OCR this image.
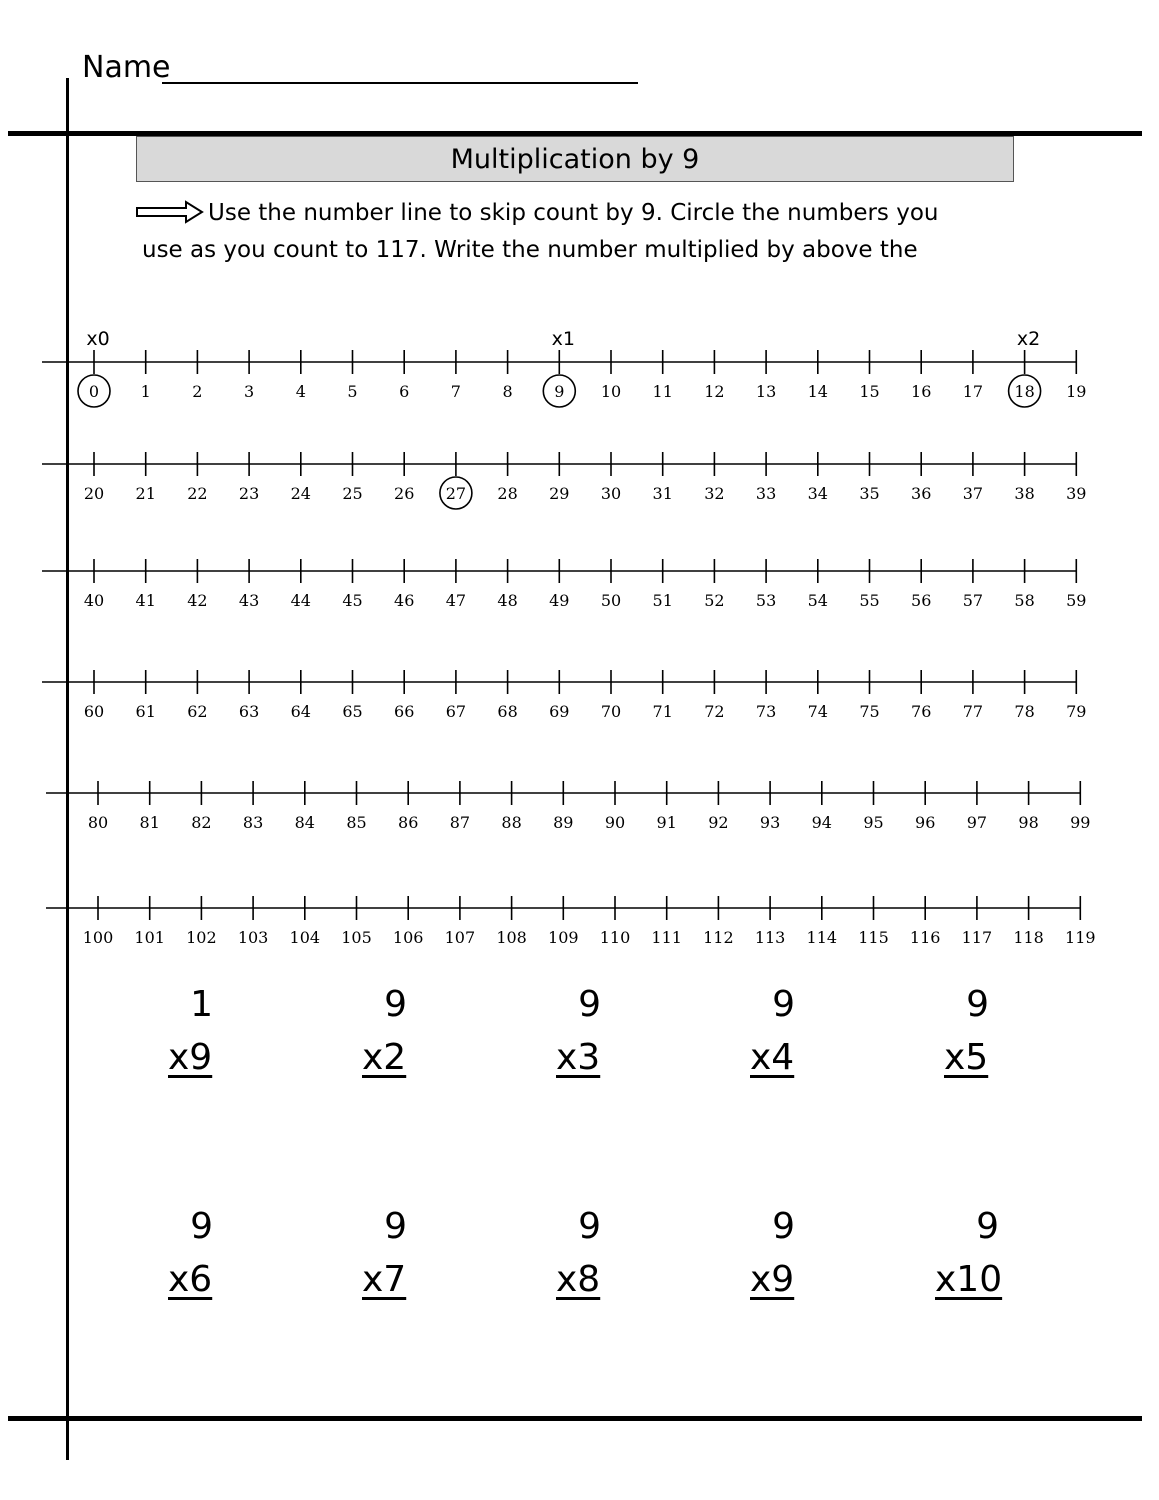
Name
Multiplication by 9
Use the number line to skip count by 9. Circle the numbers you
use as you count to 117. Write the number multiplied by above the
0	1	2	3	4	5	6	7	8	9 10 11 12 13 14 15 16 17 18 19
20 21 22 23 24 25 26 27 28 29 30 31 32 33 34 35 36 37 38 39
40 41 42 43 44 45 46 47 48 49 50 51 52 53 54 55 56 57 58 59
60 61 62 63 64 65 66 67 68 69 70 71 72 73 74 75 76 77 78 79
80 81 82 83 84 85 86 87 88 89 90 91 92 93 94 95 96 97 98 99
100 101 102 103 104 105 106 107 108 109 110 111 112 113 114 115 116 117 118 119
x0	x1	x2
1
x9
9
x2
9
x3
9
x4
9
x5
9
x6
9
x7
9
x8
9
x9
9
x10
